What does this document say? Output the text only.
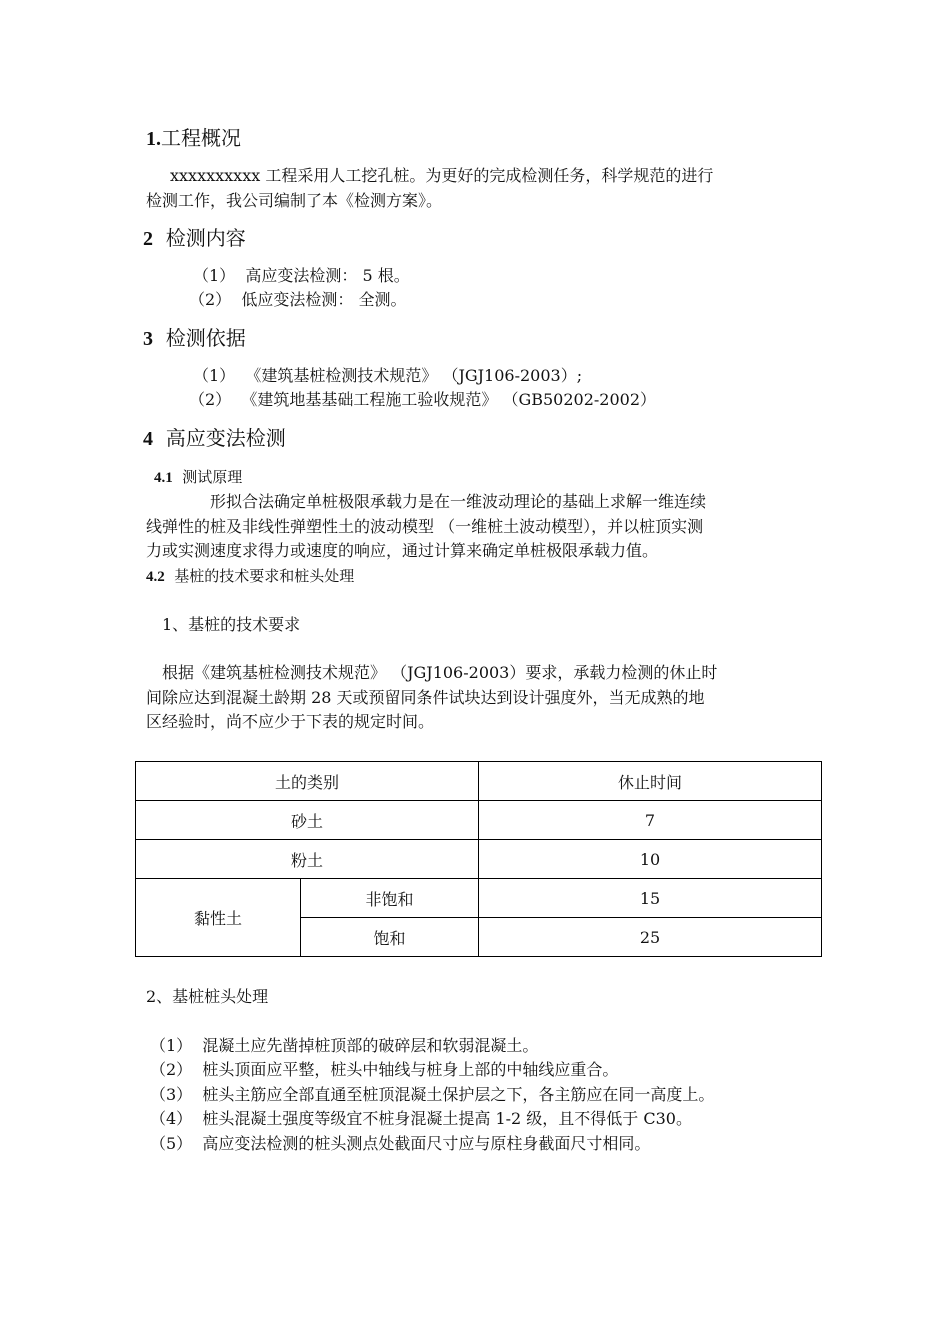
1.工程概况
xxxxxxxxxx 工程采用人工挖孔桩。为更好的完成检测任务，科学规范的进行
检测工作，我公司编制了本《检测方案》。
2 检测内容
（1） 高应变法检测： 5 根。
（2） 低应变法检测： 全测。
3 检测依据
（1） 《建筑基桩检测技术规范》 （JGJ106-2003）;
（2） 《建筑地基基础工程施工验收规范》 （GB50202-2002）
4 高应变法检测
4.1 测试原理
形拟合法确定单桩极限承载力是在一维波动理论的基础上求解一维连续
线弹性的桩及非线性弹塑性土的波动模型 （一维桩土波动模型），并以桩顶实测
力或实测速度求得力或速度的响应，通过计算来确定单桩极限承载力值。
4.2 基桩的技术要求和桩头处理
1、基桩的技术要求
根据《建筑基桩检测技术规范》 （JGJ106-2003）要求，承载力检测的休止时
间除应达到混凝土龄期 28 天或预留同条件试块达到设计强度外，当无成熟的地
区经验时，尚不应少于下表的规定时间。
土的类别		休止时间
砂土		7
粉土		10
黏性土	非饱和	15
	饱和	25
2、基桩桩头处理
（1） 混凝土应先凿掉桩顶部的破碎层和软弱混凝土。
（2） 桩头顶面应平整，桩头中轴线与桩身上部的中轴线应重合。
（3） 桩头主筋应全部直通至桩顶混凝土保护层之下，各主筋应在同一高度上。
（4） 桩头混凝土强度等级宜不桩身混凝土提高 1-2 级，且不得低于 C30。
（5） 高应变法检测的桩头测点处截面尺寸应与原柱身截面尺寸相同。
